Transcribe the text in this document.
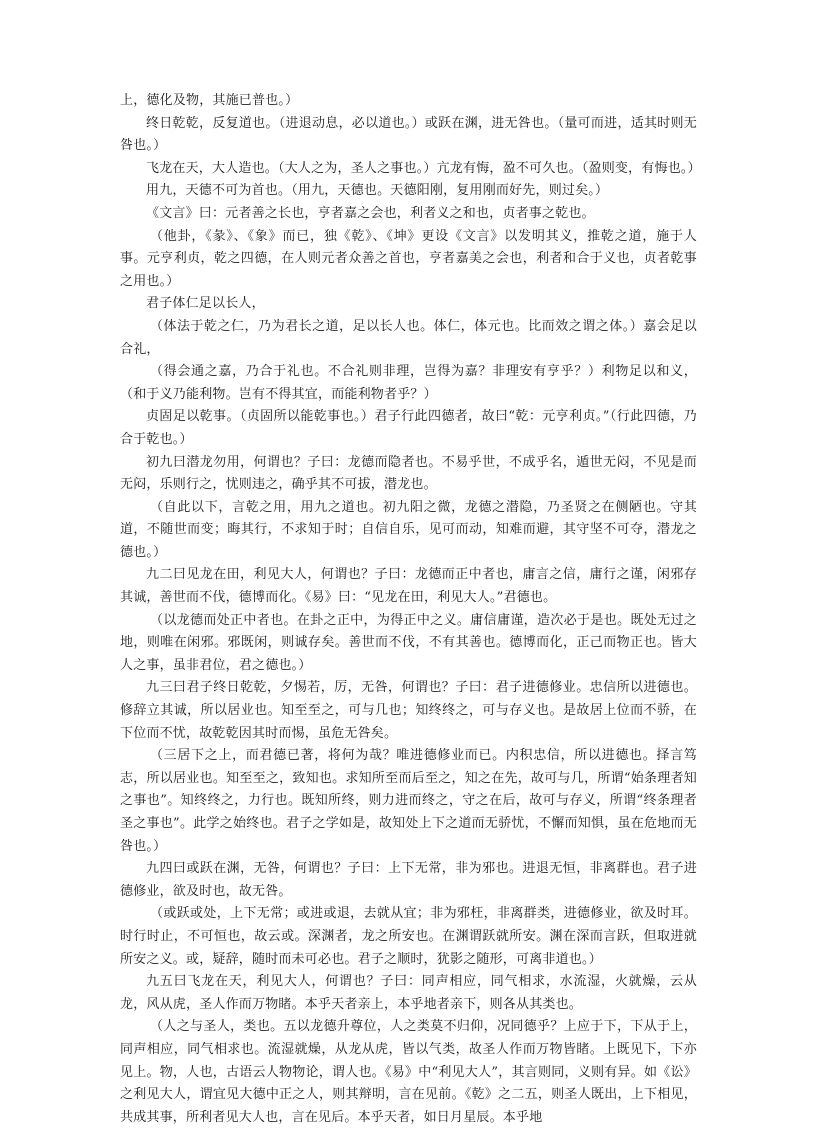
上，德化及物，其施已普也。）

终日乾乾，反复道也。（进退动息，必以道也。）或跃在渊，进无咎也。（量可而进，适其时则无咎也。）

飞龙在天，大人造也。（大人之为，圣人之事也。）亢龙有悔，盈不可久也。（盈则变，有悔也。）

用九，天德不可为首也。（用九，天德也。天德阳刚，复用刚而好先，则过矣。）

《文言》曰：元者善之长也，亨者嘉之会也，利者义之和也，贞者事之乾也。

（他卦，《彖》、《象》而已，独《乾》、《坤》更设《文言》以发明其义，推乾之道，施于人事。元亨利贞，乾之四德，在人则元者众善之首也，亨者嘉美之会也，利者和合于义也，贞者乾事之用也。）

君子体仁足以长人，

（体法于乾之仁，乃为君长之道，足以长人也。体仁，体元也。比而效之谓之体。）嘉会足以合礼，

（得会通之嘉，乃合于礼也。不合礼则非理，岂得为嘉？非理安有亨乎？）利物足以和义，（和于义乃能利物。岂有不得其宜，而能利物者乎？）

贞固足以乾事。（贞固所以能乾事也。）君子行此四德者，故曰“乾：元亨利贞。”（行此四德，乃合于乾也。）

初九曰潜龙勿用，何谓也？子曰：龙德而隐者也。不易乎世，不成乎名，遁世无闷，不见是而无闷，乐则行之，忧则违之，确乎其不可拔，潜龙也。

（自此以下，言乾之用，用九之道也。初九阳之微，龙德之潜隐，乃圣贤之在侧陋也。守其道，不随世而变；晦其行，不求知于时；自信自乐，见可而动，知难而避，其守坚不可夺，潜龙之德也。）

九二曰见龙在田，利见大人，何谓也？子曰：龙德而正中者也，庸言之信，庸行之谨，闲邪存其诚，善世而不伐，德博而化。《易》曰：“见龙在田，利见大人。”君德也。

（以龙德而处正中者也。在卦之正中，为得正中之义。庸信庸谨，造次必于是也。既处无过之地，则唯在闲邪。邪既闲，则诚存矣。善世而不伐，不有其善也。德博而化，正己而物正也。皆大人之事，虽非君位，君之德也。）

九三曰君子终日乾乾，夕惕若，厉，无咎，何谓也？子曰：君子进德修业。忠信所以进德也。修辞立其诚，所以居业也。知至至之，可与几也；知终终之，可与存义也。是故居上位而不骄，在下位而不忧，故乾乾因其时而惕，虽危无咎矣。

（三居下之上，而君德已著，将何为哉？唯进德修业而已。内积忠信，所以进德也。择言笃志，所以居业也。知至至之，致知也。求知所至而后至之，知之在先，故可与几，所谓“始条理者知之事也”。知终终之，力行也。既知所终，则力进而终之，守之在后，故可与存义，所谓“终条理者圣之事也”。此学之始终也。君子之学如是，故知处上下之道而无骄忧，不懈而知惧，虽在危地而无咎也。）

九四曰或跃在渊，无咎，何谓也？子曰：上下无常，非为邪也。进退无恒，非离群也。君子进德修业，欲及时也，故无咎。

（或跃或处，上下无常；或进或退，去就从宜；非为邪枉，非离群类，进德修业，欲及时耳。时行时止，不可恒也，故云或。深渊者，龙之所安也。在渊谓跃就所安。渊在深而言跃，但取进就所安之义。或，疑辞，随时而未可必也。君子之顺时，犹影之随形，可离非道也。）

九五曰飞龙在天，利见大人，何谓也？子曰：同声相应，同气相求，水流湿，火就燥，云从龙，风从虎，圣人作而万物睹。本乎天者亲上，本乎地者亲下，则各从其类也。

（人之与圣人，类也。五以龙德升尊位，人之类莫不归仰，况同德乎？上应于下，下从于上，同声相应，同气相求也。流湿就燥，从龙从虎，皆以气类，故圣人作而万物皆睹。上既见下，下亦见上。物，人也，古语云人物物论，谓人也。《易》中“利见大人”，其言则同，义则有异。如《讼》之利见大人，谓宜见大德中正之人，则其辩明，言在见前。《乾》之二五，则圣人既出，上下相见，共成其事，所利者见大人也，言在见后。本乎天者，如日月星辰。本乎地
